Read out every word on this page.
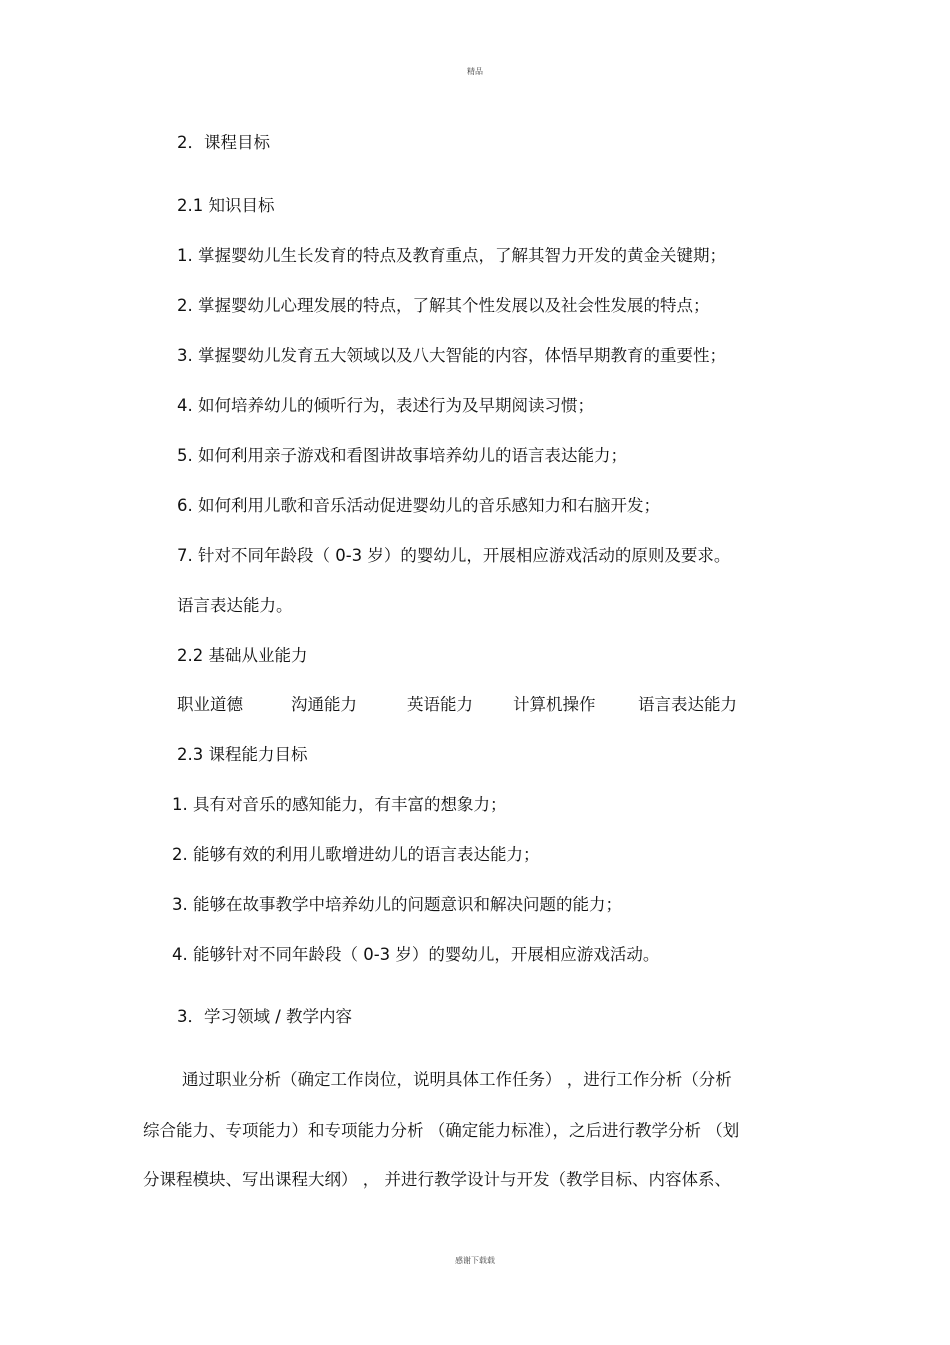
精品
2．课程目标
2.1 知识目标
1. 掌握婴幼儿生长发育的特点及教育重点，了解其智力开发的黄金关键期；
2. 掌握婴幼儿心理发展的特点，了解其个性发展以及社会性发展的特点；
3. 掌握婴幼儿发育五大领域以及八大智能的内容，体悟早期教育的重要性；
4. 如何培养幼儿的倾听行为，表述行为及早期阅读习惯；
5. 如何利用亲子游戏和看图讲故事培养幼儿的语言表达能力；
6. 如何利用儿歌和音乐活动促进婴幼儿的音乐感知力和右脑开发；
7. 针对不同年龄段（ 0-3 岁）的婴幼儿，开展相应游戏活动的原则及要求。
语言表达能力。
2.2 基础从业能力
职业道德	沟通能力	英语能力 计算机操作	语言表达能力
2.3 课程能力目标
1. 具有对音乐的感知能力，有丰富的想象力；
2. 能够有效的利用儿歌增进幼儿的语言表达能力；
3. 能够在故事教学中培养幼儿的问题意识和解决问题的能力；
4. 能够针对不同年龄段（ 0-3 岁）的婴幼儿，开展相应游戏活动。
3．学习领域 / 教学内容
通过职业分析（确定工作岗位，说明具体工作任务） ，进行工作分析（分析
综合能力、专项能力）和专项能力分析 （确定能力标准），之后进行教学分析 （划
分课程模块、写出课程大纲） ， 并进行教学设计与开发（教学目标、内容体系、
感谢下载载
